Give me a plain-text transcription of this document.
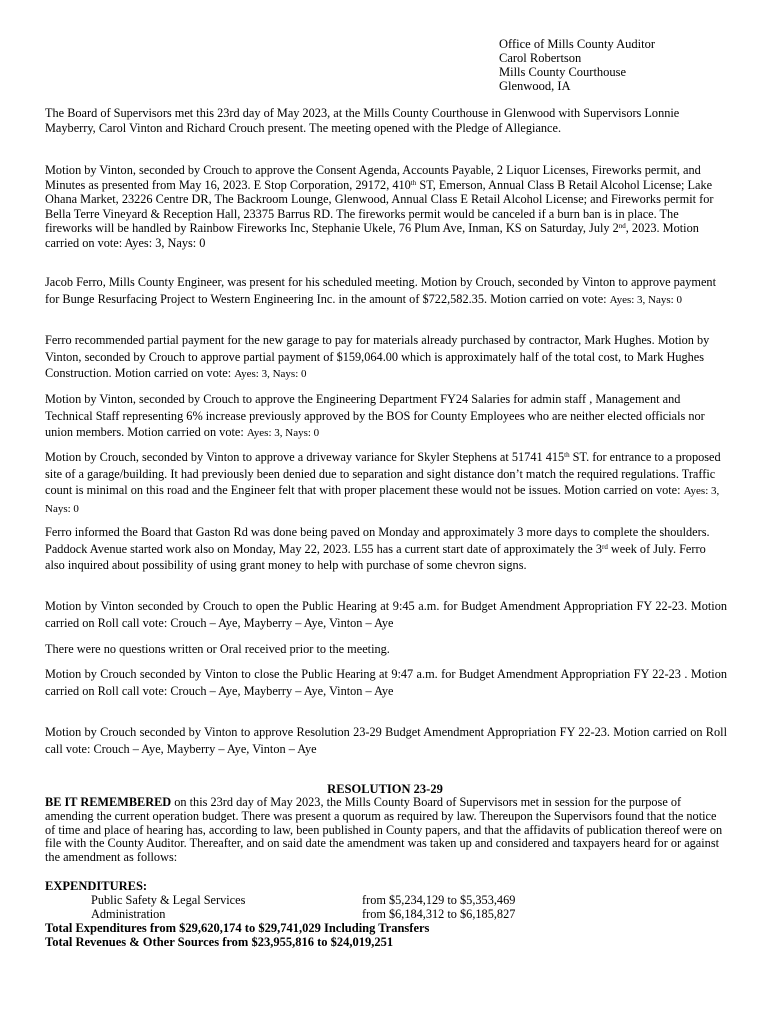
Office of Mills County Auditor
Carol Robertson
Mills County Courthouse
Glenwood, IA
The Board of Supervisors met this 23rd day of May 2023, at the Mills County Courthouse in Glenwood with Supervisors Lonnie Mayberry, Carol Vinton and Richard Crouch present. The meeting opened with the Pledge of Allegiance.
Motion by Vinton, seconded by Crouch to approve the Consent Agenda, Accounts Payable, 2 Liquor Licenses, Fireworks permit, and Minutes as presented from May 16, 2023. E Stop Corporation, 29172, 410th ST, Emerson, Annual Class B Retail Alcohol License; Lake Ohana Market, 23226 Centre DR, The Backroom Lounge, Glenwood, Annual Class E Retail Alcohol License; and Fireworks permit for Bella Terre Vineyard & Reception Hall, 23375 Barrus RD. The fireworks permit would be canceled if a burn ban is in place. The fireworks will be handled by Rainbow Fireworks Inc, Stephanie Ukele, 76 Plum Ave, Inman, KS on Saturday, July 2nd, 2023. Motion carried on vote: Ayes: 3, Nays: 0
Jacob Ferro, Mills County Engineer, was present for his scheduled meeting. Motion by Crouch, seconded by Vinton to approve payment for Bunge Resurfacing Project to Western Engineering Inc. in the amount of $722,582.35. Motion carried on vote: Ayes: 3, Nays: 0
Ferro recommended partial payment for the new garage to pay for materials already purchased by contractor, Mark Hughes. Motion by Vinton, seconded by Crouch to approve partial payment of $159,064.00 which is approximately half of the total cost, to Mark Hughes Construction. Motion carried on vote: Ayes: 3, Nays: 0
Motion by Vinton, seconded by Crouch to approve the Engineering Department FY24 Salaries for admin staff , Management and Technical Staff representing 6% increase previously approved by the BOS for County Employees who are neither elected officials nor union members. Motion carried on vote: Ayes: 3, Nays: 0
Motion by Crouch, seconded by Vinton to approve a driveway variance for Skyler Stephens at 51741 415th ST. for entrance to a proposed site of a garage/building. It had previously been denied due to separation and sight distance don’t match the required regulations. Traffic count is minimal on this road and the Engineer felt that with proper placement these would not be issues. Motion carried on vote: Ayes: 3, Nays: 0
Ferro informed the Board that Gaston Rd was done being paved on Monday and approximately 3 more days to complete the shoulders. Paddock Avenue started work also on Monday, May 22, 2023. L55 has a current start date of approximately the 3rd week of July. Ferro also inquired about possibility of using grant money to help with purchase of some chevron signs.
Motion by Vinton seconded by Crouch to open the Public Hearing at 9:45 a.m. for Budget Amendment Appropriation FY 22-23. Motion carried on Roll call vote: Crouch – Aye, Mayberry – Aye, Vinton – Aye
There were no questions written or Oral received prior to the meeting.
Motion by Crouch seconded by Vinton to close the Public Hearing at 9:47 a.m. for Budget Amendment Appropriation FY 22-23 . Motion carried on Roll call vote: Crouch – Aye, Mayberry – Aye, Vinton – Aye
Motion by Crouch seconded by Vinton to approve Resolution 23-29 Budget Amendment Appropriation FY 22-23. Motion carried on Roll call vote: Crouch – Aye, Mayberry – Aye, Vinton – Aye
RESOLUTION 23-29
BE IT REMEMBERED on this 23rd day of May 2023, the Mills County Board of Supervisors met in session for the purpose of amending the current operation budget. There was present a quorum as required by law. Thereupon the Supervisors found that the notice of time and place of hearing has, according to law, been published in County papers, and that the affidavits of publication thereof were on file with the County Auditor. Thereafter, and on said date the amendment was taken up and considered and taxpayers heard for or against the amendment as follows:
EXPENDITURES:
Public Safety & Legal Services	from $5,234,129 to $5,353,469
Administration	from $6,184,312 to $6,185,827
Total Expenditures from $29,620,174 to $29,741,029 Including Transfers
Total Revenues & Other Sources from $23,955,816 to $24,019,251
